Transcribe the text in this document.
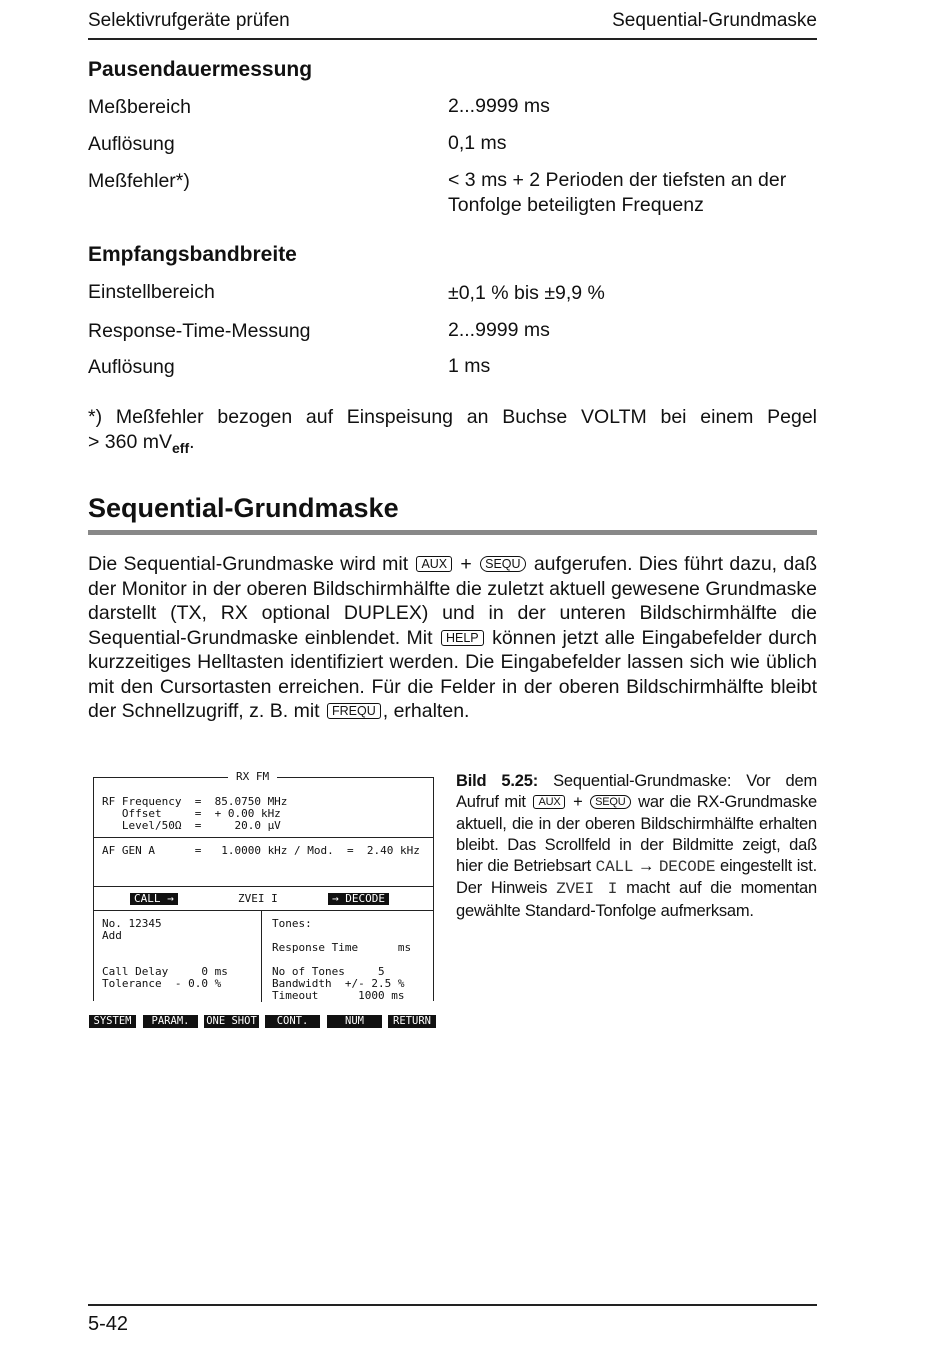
Selektivrufgeräte prüfen	Sequential-Grundmaske
Pausendauermessung
Meßbereich	2...9999 ms
Auflösung	0,1 ms
Meßfehler*)	< 3 ms + 2 Perioden der tiefsten an der
Tonfolge beteiligten Frequenz
Empfangsbandbreite
Einstellbereich	±0,1 % bis ±9,9 %
Response-Time-Messung	2...9999 ms
Auflösung	1 ms
*) Meßfehler bezogen auf Einspeisung an Buchse VOLTM bei einem Pegel
> 360 $mV_{eff}$.
Sequential-Grundmaske
Die Sequential-Grundmaske wird mit AUX + SEQU aufgerufen. Dies führt dazu, daß der Monitor in der oberen Bildschirmhälfte die zuletzt aktuell gewesene Grundmaske darstellt (TX, RX optional DUPLEX) und in der unteren Bildschirmhälfte die Sequential-Grundmaske einblendet. Mit HELP können jetzt alle Eingabefelder durch kurzzeitiges Helltasten identifiziert werden. Die Eingabefelder lassen sich wie üblich mit den Cursortasten erreichen. Für die Felder in der oberen Bildschirmhälfte bleibt der Schnellzugriff, z. B. mit FREQU , erhalten.
RX FM
RF Frequency  =  85.0750 MHz
Offset     =  + 0.00 kHz
Level/50Ω  =     20.0 µV
AF GEN A      =   1.0000 kHz / Mod.  =  2.40 kHz
CALL →	ZVEI I	→ DECODE
No. 12345
Add
Call Delay     0 ms
Tolerance  - 0.0 %
Tones:

Response Time      ms
No of Tones     5
Bandwidth  +/- 2.5 %
Timeout      1000 ms
SYSTEM	PARAM.	ONE SHOT	CONT.	NUM	RETURN
Bild 5.25: Sequential-Grundmaske: Vor dem Aufruf mit AUX + SEQU war die RX-Grundmaske aktuell, die in der oberen Bildschirmhälfte erhalten bleibt. Das Scrollfeld in der Bildmitte zeigt, daß hier die Betriebsart CALL → DECODE eingestellt ist. Der Hinweis ZVEI I macht auf die momentan gewählte Standard-Tonfolge aufmerksam.
5-42
